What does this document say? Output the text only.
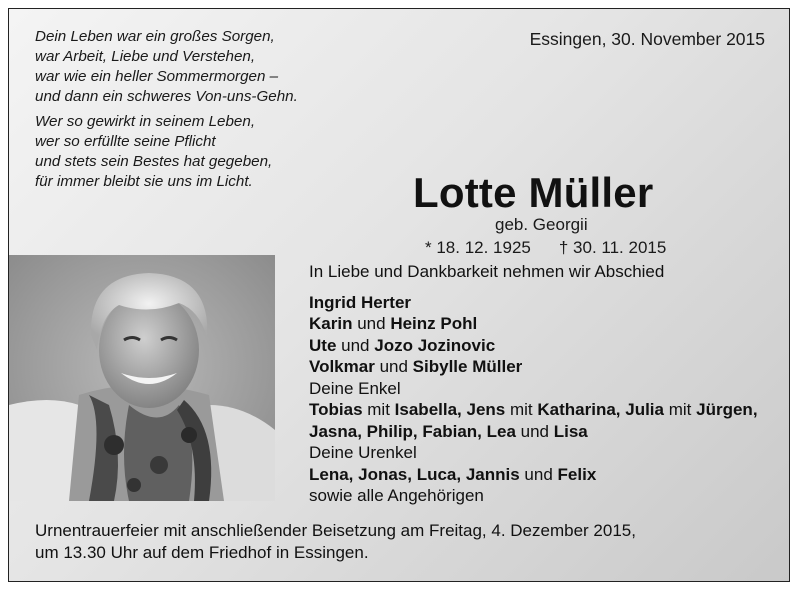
Dein Leben war ein großes Sorgen,
war Arbeit, Liebe und Verstehen,
war wie ein heller Sommermorgen –
und dann ein schweres Von-uns-Gehn.
Wer so gewirkt in seinem Leben,
wer so erfüllte seine Pflicht
und stets sein Bestes hat gegeben,
für immer bleibt sie uns im Licht.
Essingen, 30. November 2015
Lotte Müller
geb. Georgii
* 18. 12. 1925 † 30. 11. 2015
In Liebe und Dankbarkeit nehmen wir Abschied
Ingrid Herter
Karin und Heinz Pohl
Ute und Jozo Jozinovic
Volkmar und Sibylle Müller
Deine Enkel
Tobias mit Isabella, Jens mit Katharina, Julia mit Jürgen,
Jasna, Philip, Fabian, Lea und Lisa
Deine Urenkel
Lena, Jonas, Luca, Jannis und Felix
sowie alle Angehörigen
Urnentrauerfeier mit anschließender Beisetzung am Freitag, 4. Dezember 2015,
um 13.30 Uhr auf dem Friedhof in Essingen.
